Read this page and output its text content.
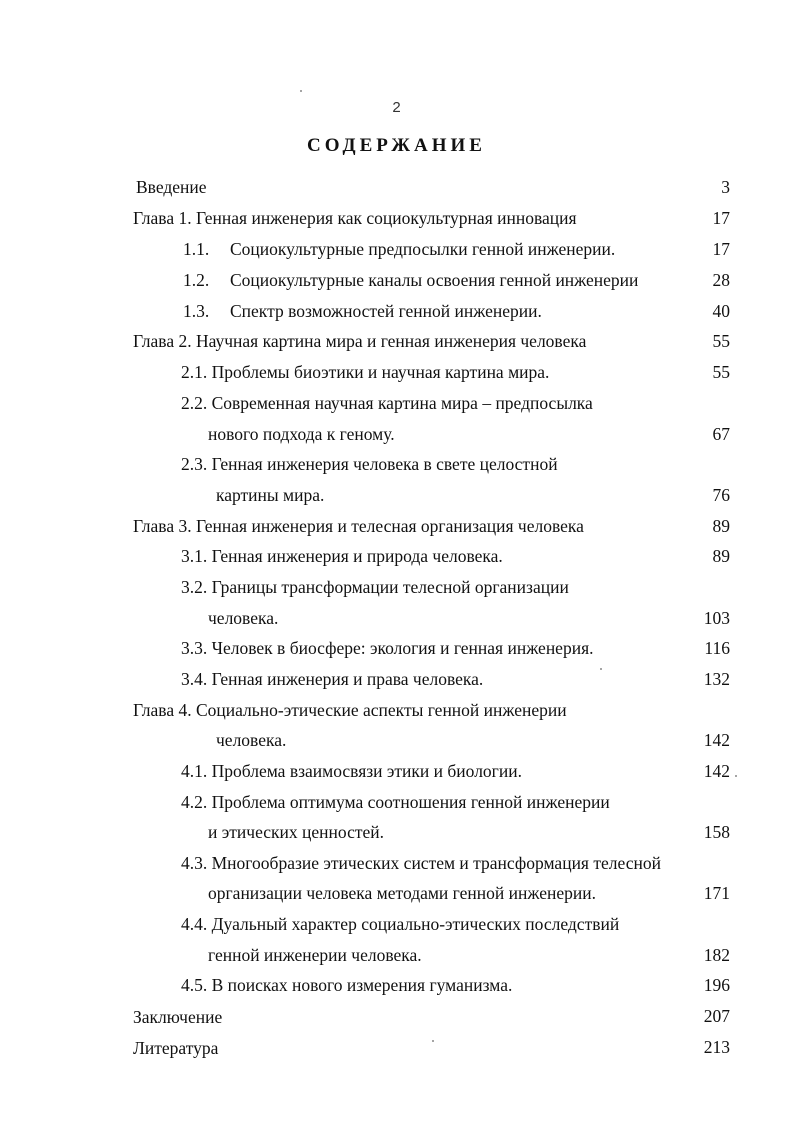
2
СОДЕРЖАНИЕ
Введение	3
Глава 1. Генная инженерия как социокультурная инновация	17
1.1. Социокультурные предпосылки генной инженерии.	17
1.2. Социокультурные каналы освоения генной инженерии	28
1.3. Спектр возможностей генной инженерии.	40
Глава 2. Научная картина мира и генная инженерия человека	55
2.1. Проблемы биоэтики и научная картина мира.	55
2.2. Современная научная картина мира – предпосылка
нового подхода к геному.	67
2.3. Генная инженерия человека в свете целостной
картины мира.	76
Глава 3. Генная инженерия и телесная организация человека	89
3.1. Генная инженерия и природа человека.	89
3.2. Границы трансформации телесной организации
человека.	103
3.3. Человек в биосфере: экология и генная инженерия.	116
3.4. Генная инженерия и права человека.	132
Глава 4. Социально-этические аспекты генной инженерии
человека.	142
4.1. Проблема взаимосвязи этики и биологии.	142
4.2. Проблема оптимума соотношения генной инженерии
и этических ценностей.	158
4.3. Многообразие этических систем и трансформация телесной
организации человека методами генной инженерии.	171
4.4. Дуальный характер социально-этических последствий
генной инженерии человека.	182
4.5. В поисках нового измерения гуманизма.	196
Заключение	207
Литература	213
